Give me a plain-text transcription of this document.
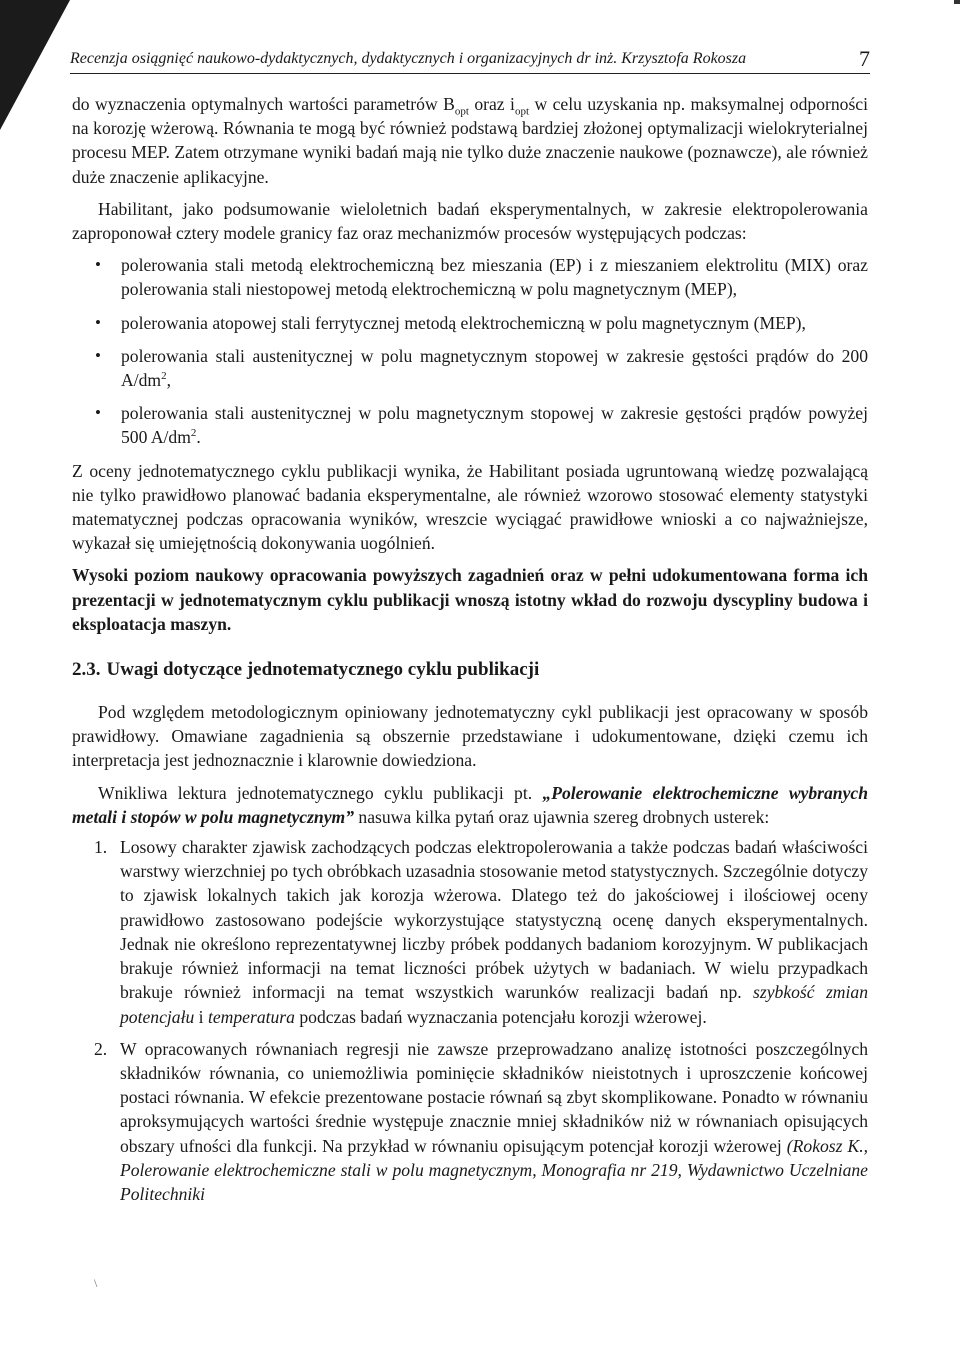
Recenzja osiągnięć naukowo-dydaktycznych, dydaktycznych i organizacyjnych dr inż. Krzysztofa Rokosza	7

do wyznaczenia optymalnych wartości parametrów $B_{opt}$ oraz $i_{opt}$ w celu uzyskania np. maksymalnej odporności na korozję wżerową. Równania te mogą być również podstawą bardziej złożonej optymalizacji wielokryterialnej procesu MEP. Zatem otrzymane wyniki badań mają nie tylko duże znaczenie naukowe (poznawcze), ale również duże znaczenie aplikacyjne.

Habilitant, jako podsumowanie wieloletnich badań eksperymentalnych, w zakresie elektropolerowania zaproponował cztery modele granicy faz oraz mechanizmów procesów występujących podczas:

• polerowania stali metodą elektrochemiczną bez mieszania (EP) i z mieszaniem elektrolitu (MIX) oraz polerowania stali niestopowej metodą elektrochemiczną w polu magnetycznym (MEP),
• polerowania atopowej stali ferrytycznej metodą elektrochemiczną w polu magnetycznym (MEP),
• polerowania stali austenitycznej w polu magnetycznym stopowej w zakresie gęstości prądów do 200 $A/dm^2$,
• polerowania stali austenitycznej w polu magnetycznym stopowej w zakresie gęstości prądów powyżej 500 $A/dm^2$.

Z oceny jednotematycznego cyklu publikacji wynika, że Habilitant posiada ugruntowaną wiedzę pozwalającą nie tylko prawidłowo planować badania eksperymentalne, ale również wzorowo stosować elementy statystyki matematycznej podczas opracowania wyników, wreszcie wyciągać prawidłowe wnioski a co najważniejsze, wykazał się umiejętnością dokonywania uogólnień.

Wysoki poziom naukowy opracowania powyższych zagadnień oraz w pełni udokumentowana forma ich prezentacji w jednotematycznym cyklu publikacji wnoszą istotny wkład do rozwoju dyscypliny budowa i eksploatacja maszyn.

2.3. Uwagi dotyczące jednotematycznego cyklu publikacji

Pod względem metodologicznym opiniowany jednotematyczny cykl publikacji jest opracowany w sposób prawidłowy. Omawiane zagadnienia są obszernie przedstawiane i udokumentowane, dzięki czemu ich interpretacja jest jednoznacznie i klarownie dowiedziona.

Wnikliwa lektura jednotematycznego cyklu publikacji pt. „Polerowanie elektrochemiczne wybranych metali i stopów w polu magnetycznym” nasuwa kilka pytań oraz ujawnia szereg drobnych usterek:

1. Losowy charakter zjawisk zachodzących podczas elektropolerowania a także podczas badań właściwości warstwy wierzchniej po tych obróbkach uzasadnia stosowanie metod statystycznych. Szczególnie dotyczy to zjawisk lokalnych takich jak korozja wżerowa. Dlatego też do jakościowej i ilościowej oceny prawidłowo zastosowano podejście wykorzystujące statystyczną ocenę danych eksperymentalnych. Jednak nie określono reprezentatywnej liczby próbek poddanych badaniom korozyjnym. W publikacjach brakuje również informacji na temat liczności próbek użytych w badaniach. W wielu przypadkach brakuje również informacji na temat wszystkich warunków realizacji badań np. szybkość zmian potencjału i temperatura podczas badań wyznaczania potencjału korozji wżerowej.
2. W opracowanych równaniach regresji nie zawsze przeprowadzano analizę istotności poszczególnych składników równania, co uniemożliwia pominięcie składników nieistotnych i uproszczenie końcowej postaci równania. W efekcie prezentowane postacie równań są zbyt skomplikowane. Ponadto w równaniu aproksymujących wartości średnie występuje znacznie mniej składników niż w równaniach opisujących obszary ufności dla funkcji. Na przykład w równaniu opisującym potencjał korozji wżerowej (Rokosz K., Polerowanie elektrochemiczne stali w polu magnetycznym, Monografia nr 219, Wydawnictwo Uczelniane Politechniki
\
